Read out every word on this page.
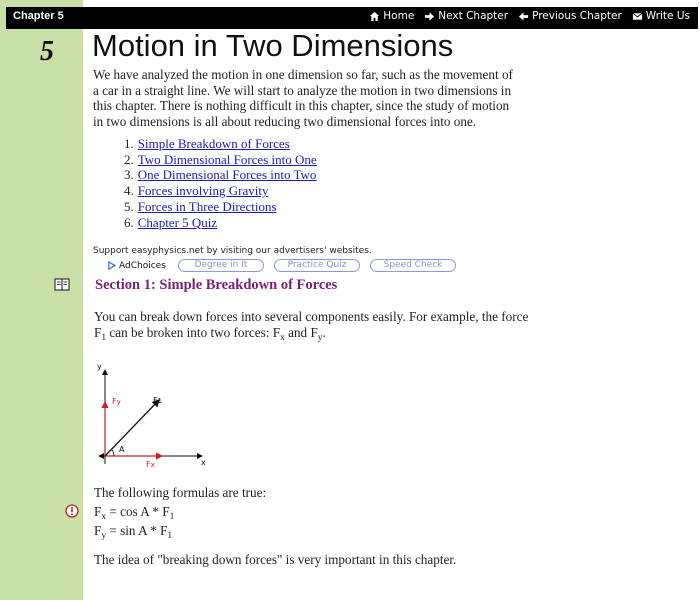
Chapter 5	Home Next Chapter Previous Chapter Write Us
5 Motion in Two Dimensions

We have analyzed the motion in one dimension so far, such as the movement of a car in a straight line. We will start to analyze the motion in two dimensions in this chapter. There is nothing difficult in this chapter, since the study of motion in two dimensions is all about reducing two dimensional forces into one.

1. Simple Breakdown of Forces
2. Two Dimensional Forces into One
3. One Dimensional Forces into Two
4. Forces involving Gravity
5. Forces in Three Directions
6. Chapter 5 Quiz
Support easyphysics.net by visiting our advertisers' websites.
AdChoices	Degree in It	Practice Quiz	Speed Check
Section 1: Simple Breakdown of Forces

You can break down forces into several components easily. For example, the force
$F_1$ can be broken into two forces: $F_x$ and $F_y$.

y
x
Fy
Fx
F1
A

The following formulas are true:

$F_x = \cos A * F_1$

$F_y = \sin A * F_1$

The idea of "breaking down forces" is very important in this chapter.
